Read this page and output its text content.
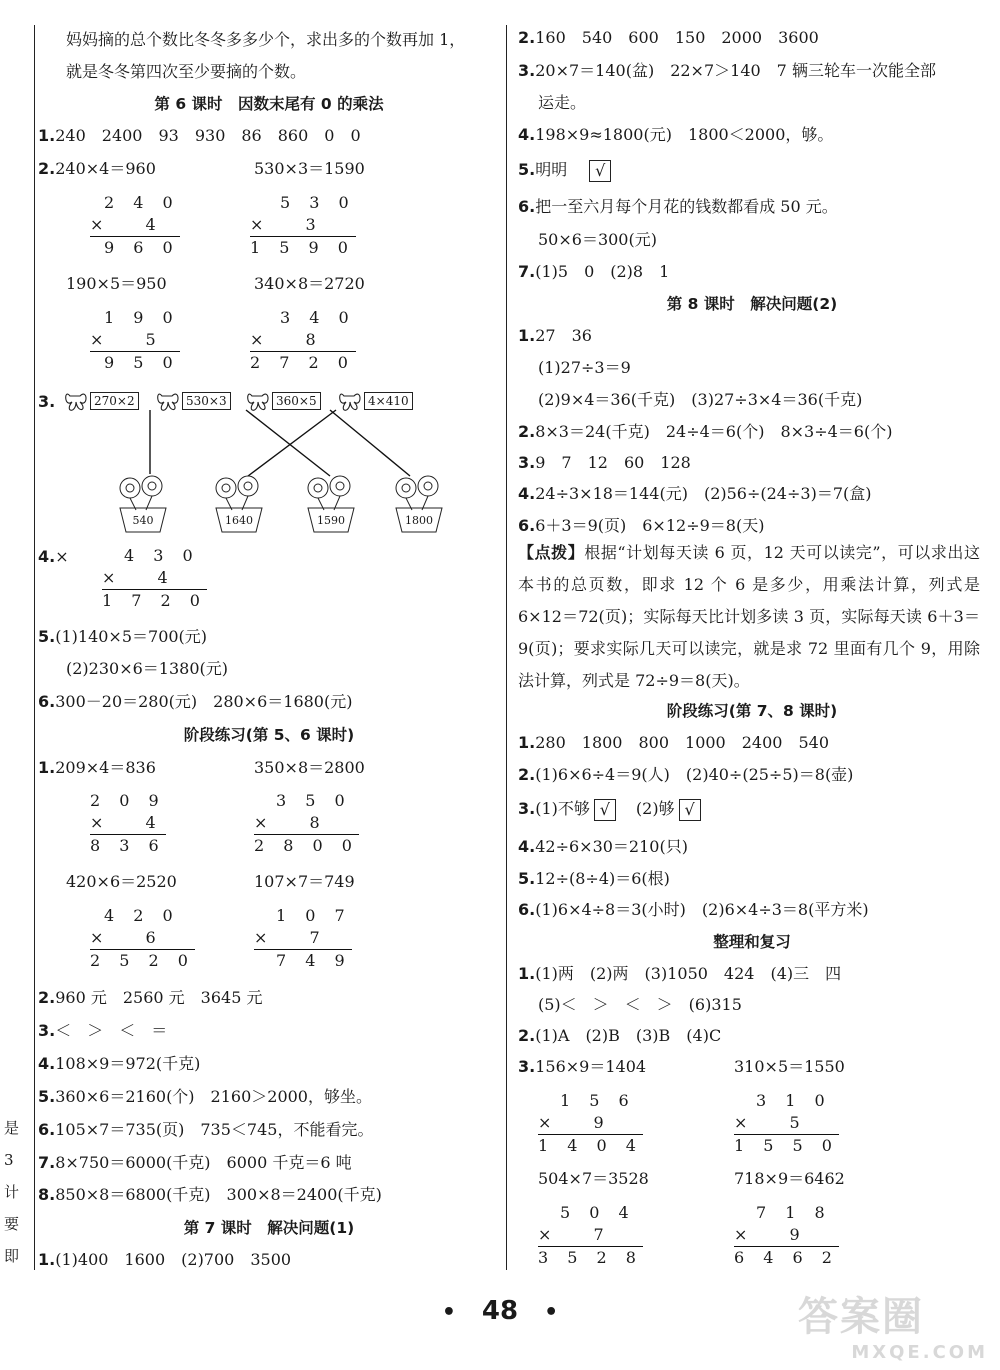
是
3
计
要
即
妈妈摘的总个数比冬冬多多少个，求出多的个数再加 1，
就是冬冬第四次至少要摘的个数。
第 6 课时　因数末尾有 0 的乘法
1.240　2400　93　930　86　860　0　0
2.240×4＝960	530×3＝1590
2 4 0
× 　4
9 6 0
5 3 0
× 　3
1 5 9 0
190×5＝950	340×8＝2720
1 9 0
× 　5
9 5 0
3 4 0
× 　8
2 7 2 0
3.	270×2	530×3	360×5	4×410
540	1640	1590	1800
4.×	4 3 0
× 　4
1 7 2 0
5.(1)140×5＝700(元)
(2)230×6＝1380(元)
6.300－20＝280(元)　280×6＝1680(元)
阶段练习(第 5、6 课时)
1.209×4＝836	350×8＝2800
2 0 9
× 　4
8 3 6
3 5 0
× 　8
2 8 0 0
420×6＝2520	107×7＝749
4 2 0
× 　6
2 5 2 0
1 0 7
× 　7
7 4 9
2.960 元　2560 元　3645 元
3.＜　＞　＜　＝
4.108×9＝972(千克)
5.360×6＝2160(个)　2160＞2000，够坐。
6.105×7＝735(页)　735＜745，不能看完。
7.8×750＝6000(千克)　6000 千克＝6 吨
8.850×8＝6800(千克)　300×8＝2400(千克)
第 7 课时　解决问题(1)
1.(1)400　1600　(2)700　3500
2.160　540　600　150　2000　3600
3.20×7＝140(盆)　22×7＞140　7 辆三轮车一次能全部
运走。
4.198×9≈1800(元)　1800＜2000，够。
5.明明 √
6.把一至六月每个月花的钱数都看成 50 元。
50×6＝300(元)
7.(1)5　0　(2)8　1
第 8 课时　解决问题(2)
1.27　36
(1)27÷3＝9
(2)9×4＝36(千克)　(3)27÷3×4＝36(千克)
2.8×3＝24(千克)　24÷4＝6(个)　8×3÷4＝6(个)
3.9　7　12　60　128
4.24÷3×18＝144(元)　(2)56÷(24÷3)＝7(盒)
6.6＋3＝9(页)　6×12÷9＝8(天)
【点拨】根据“计划每天读 6 页，12 天可以读完”，可以求出这本书的总页数，即求 12 个 6 是多少，用乘法计算，列式是 6×12＝72(页)；实际每天比计划多读 3 页，实际每天读 6＋3＝9(页)；要求实际几天可以读完，就是求 72 里面有几个 9，用除法计算，列式是 72÷9＝8(天)。
阶段练习(第 7、8 课时)
1.280　1800　800　1000　2400　540
2.(1)6×6÷4＝9(人)　(2)40÷(25÷5)＝8(壶)
3.(1)不够 √ (2)够 √
4.42÷6×30＝210(只)
5.12÷(8÷4)＝6(根)
6.(1)6×4÷8＝3(小时)　(2)6×4÷3＝8(平方米)
整理和复习
1.(1)两　(2)两　(3)1050　424　(4)三　四
(5)＜　＞　＜　＞　(6)315
2.(1)A　(2)B　(3)B　(4)C
3.156×9＝1404	310×5＝1550
1 5 6
× 　9
1 4 0 4
3 1 0
× 　5
1 5 5 0
504×7＝3528	718×9＝6462
5 0 4
× 　7
3 5 2 8
7 1 8
× 　9
6 4 6 2
• 48 •	答案圈
MXQE.COM
